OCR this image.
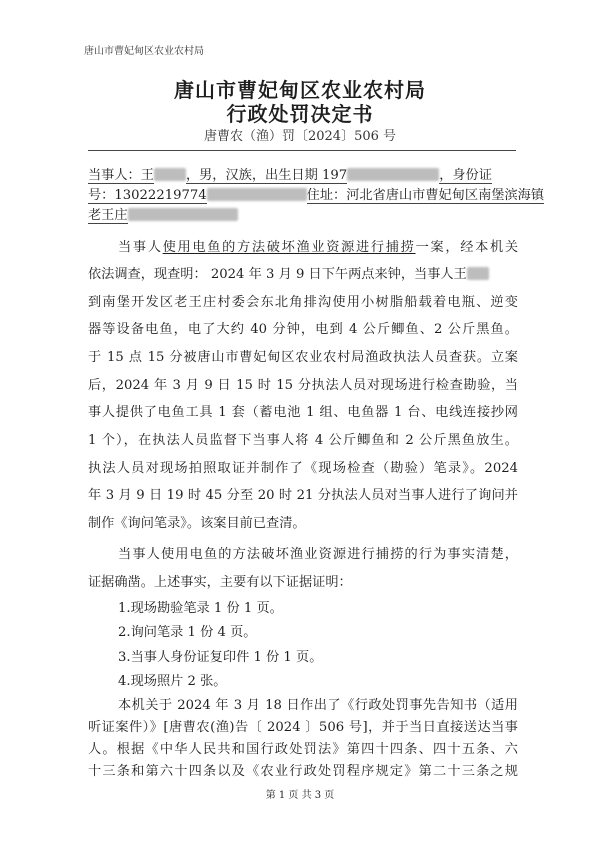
唐山市曹妃甸区农业农村局
唐山市曹妃甸区农业农村局
行政处罚决定书
唐曹农（渔）罚〔2024〕506 号
当事人：王 ，男，汉族，出生日期 197	，身份证
号：13022219774	住址：河北省唐山市曹妃甸区南堡滨海镇
老王庄
当事人使用电鱼的方法破坏渔业资源进行捕捞一案，经本机关
依法调查，现查明： 2024 年 3 月 9 日下午两点来钟，当事人王
到南堡开发区老王庄村委会东北角排沟使用小树脂船载着电瓶、逆变
器等设备电鱼，电了大约 40 分钟，电到 4 公斤鲫鱼、2 公斤黑鱼。
于 15 点 15 分被唐山市曹妃甸区农业农村局渔政执法人员查获。立案
后，2024 年 3 月 9 日 15 时 15 分执法人员对现场进行检查勘验，当
事人提供了电鱼工具 1 套（蓄电池 1 组、电鱼器 1 台、电线连接抄网
1 个），在执法人员监督下当事人将 4 公斤鲫鱼和 2 公斤黑鱼放生。
执法人员对现场拍照取证并制作了《现场检查（勘验）笔录》。2024
年 3 月 9 日 19 时 45 分至 20 时 21 分执法人员对当事人进行了询问并
制作《询问笔录》。该案目前已查清。
当事人使用电鱼的方法破坏渔业资源进行捕捞的行为事实清楚，
证据确凿。上述事实，主要有以下证据证明：
1.现场勘验笔录 1 份 1 页。
2.询问笔录 1 份 4 页。
3.当事人身份证复印件 1 份 1 页。
4.现场照片 2 张。
本机关于 2024 年 3 月 18 日作出了《行政处罚事先告知书（适用
听证案件）》[唐曹农(渔)告〔 2024 〕506 号]，并于当日直接送达当事
人。根据《中华人民共和国行政处罚法》第四十四条、四十五条、六
十三条和第六十四条以及《农业行政处罚程序规定》第二十三条之规
第 1 页 共 3 页
